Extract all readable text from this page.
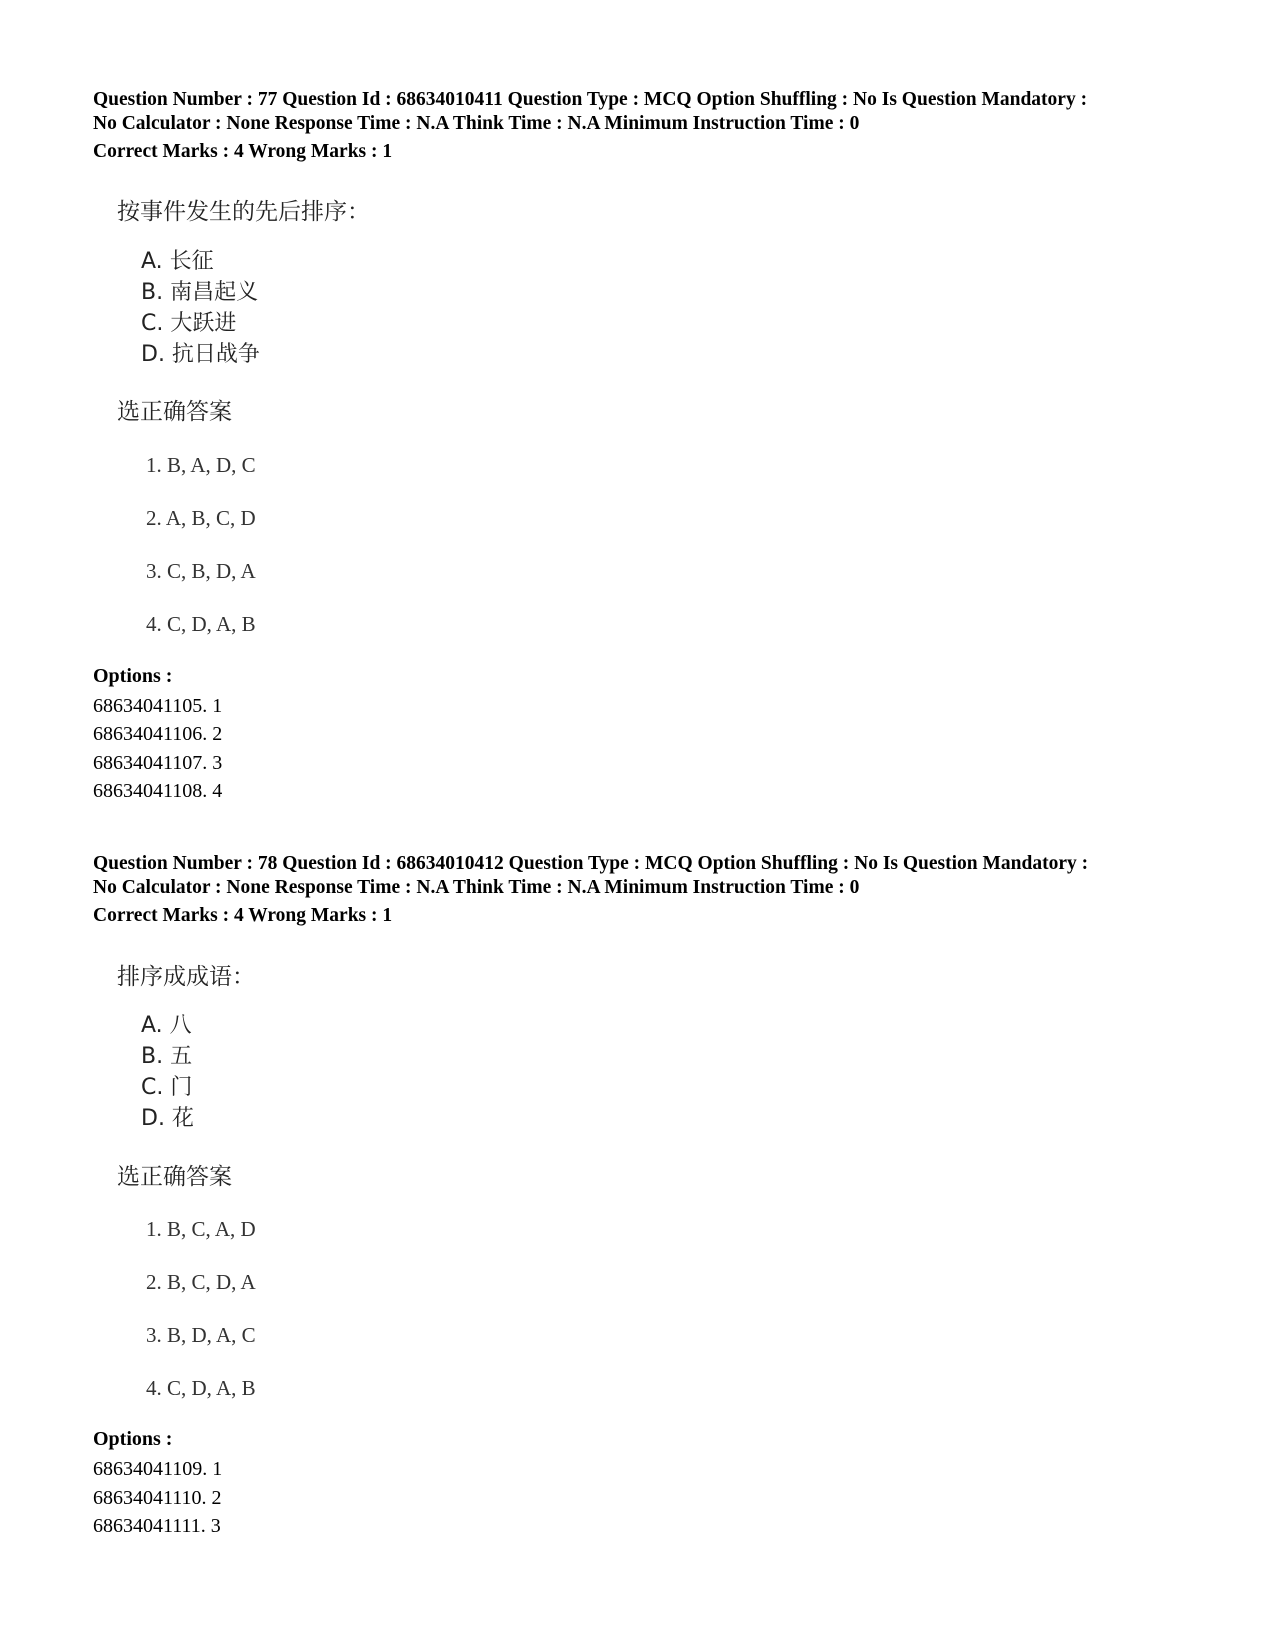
Question Number : 77 Question Id : 68634010411 Question Type : MCQ Option Shuffling : No Is Question Mandatory :

No Calculator : None Response Time : N.A Think Time : N.A Minimum Instruction Time : 0

Correct Marks : 4 Wrong Marks : 1
按事件发生的先后排序：
A. 长征
B. 南昌起义
C. 大跃进
D. 抗日战争
选正确答案
1. B, A, D, C
2. A, B, C, D
3. C, B, D, A
4. C, D, A, B
Options :
68634041105. 1
68634041106. 2
68634041107. 3
68634041108. 4

Question Number : 78 Question Id : 68634010412 Question Type : MCQ Option Shuffling : No Is Question Mandatory :

No Calculator : None Response Time : N.A Think Time : N.A Minimum Instruction Time : 0

Correct Marks : 4 Wrong Marks : 1
排序成成语：
A. 八
B. 五
C. 门
D. 花
选正确答案
1. B, C, A, D
2. B, C, D, A
3. B, D, A, C
4. C, D, A, B
Options :
68634041109. 1
68634041110. 2
68634041111. 3
